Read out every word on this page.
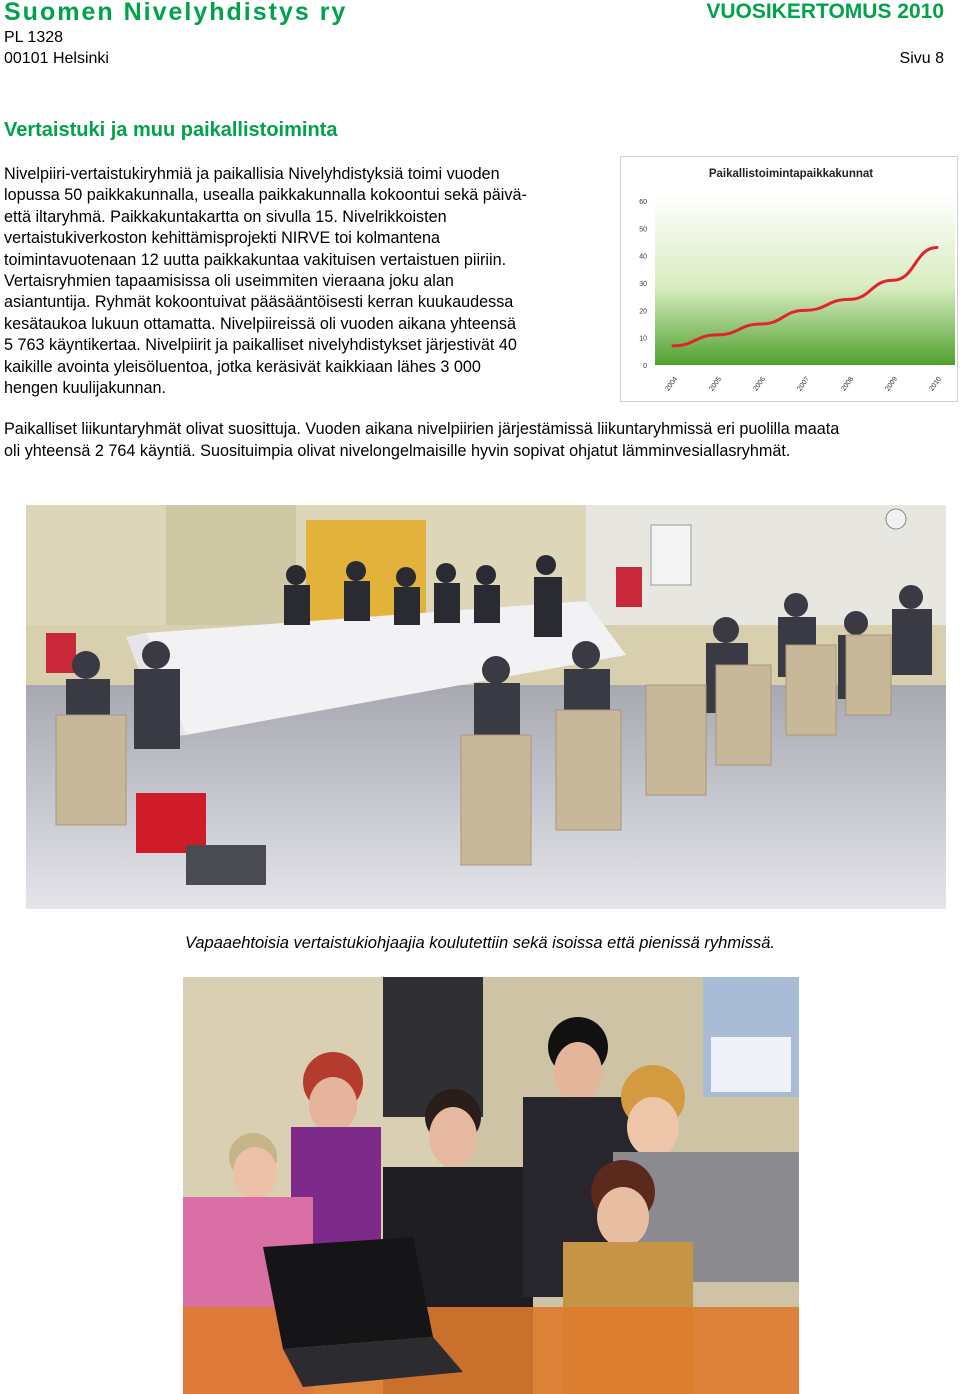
Suomen Nivelyhdistys ry	VUOSIKERTOMUS 2010
PL 1328
00101 Helsinki	Sivu 8
Vertaistuki ja muu paikallistoiminta
Nivelpiiri-vertaistukiryhmiä ja paikallisia Nivelyhdistyksiä toimi vuoden
lopussa 50 paikkakunnalla, usealla paikkakunnalla kokoontui sekä päivä-
että iltaryhmä. Paikkakuntakartta on sivulla 15. Nivelrikkoisten
vertaistukiverkoston kehittämisprojekti NIRVE toi kolmantena
toimintavuotenaan 12 uutta paikkakuntaa vakituisen vertaistuen piiriin.
Vertaisryhmien tapaamisissa oli useimmiten vieraana joku alan
asiantuntija. Ryhmät kokoontuivat pääsääntöisesti kerran kuukaudessa
kesätaukoa lukuun ottamatta. Nivelpiireissä oli vuoden aikana yhteensä
5 763 käyntikertaa. Nivelpiirit ja paikalliset nivelyhdistykset järjestivät 40
kaikille avointa yleisöluentoa, jotka keräsivät kaikkiaan lähes 3 000
hengen kuulijakunnan.
Paikallistoimintapaikkakunnat
0
10
20
30
40
50
60
2004	2005	2006	2007	2008	2009	2010
Paikalliset liikuntaryhmät olivat suosittuja. Vuoden aikana nivelpiirien järjestämissä liikuntaryhmissä eri puolilla maata
oli yhteensä 2 764 käyntiä. Suosituimpia olivat nivelongelmaisille hyvin sopivat ohjatut lämminvesiallasryhmät.
Vapaaehtoisia vertaistukiohjaajia koulutettiin sekä isoissa että pienissä ryhmissä.
